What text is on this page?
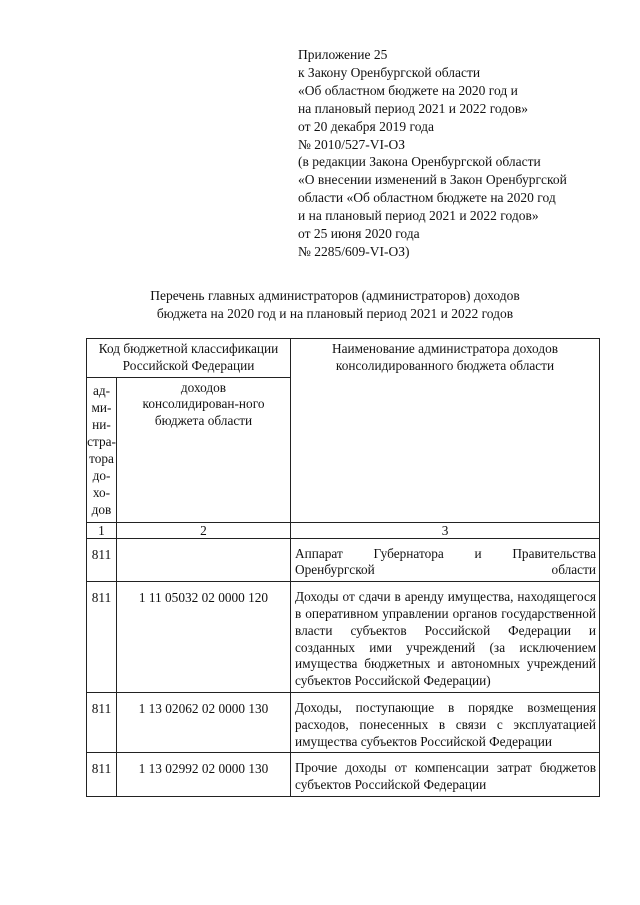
Приложение 25
к Закону Оренбургской области
«Об областном бюджете на 2020 год и
на плановый период 2021 и 2022 годов»
от 20 декабря 2019 года
№ 2010/527-VI-ОЗ
(в редакции Закона Оренбургской области
«О внесении изменений в Закон Оренбургской
области «Об областном бюджете на 2020 год
и на плановый период 2021 и 2022 годов»
от 25 июня 2020 года
№ 2285/609-VI-ОЗ)
Перечень главных администраторов (администраторов) доходов
бюджета на 2020 год и на плановый период 2021 и 2022 годов
Код бюджетной классификации Российской Федерации		Наименование администратора доходов консолидированного бюджета области
ад-ми-ни-стра-тора до-хо-дов	доходов консолидирован-ного бюджета области	
1	2	3
811		Аппарат Губернатора и Правительства Оренбургской области
811	1 11 05032 02 0000 120	Доходы от сдачи в аренду имущества, находящегося в оперативном управлении органов государственной власти субъектов Российской Федерации и созданных ими учреждений (за исключением имущества бюджетных и автономных учреждений субъектов Российской Федерации)
811	1 13 02062 02 0000 130	Доходы, поступающие в порядке возмещения расходов, понесенных в связи с эксплуатацией имущества субъектов Российской Федерации
811	1 13 02992 02 0000 130	Прочие доходы от компенсации затрат бюджетов субъектов Российской Федерации
